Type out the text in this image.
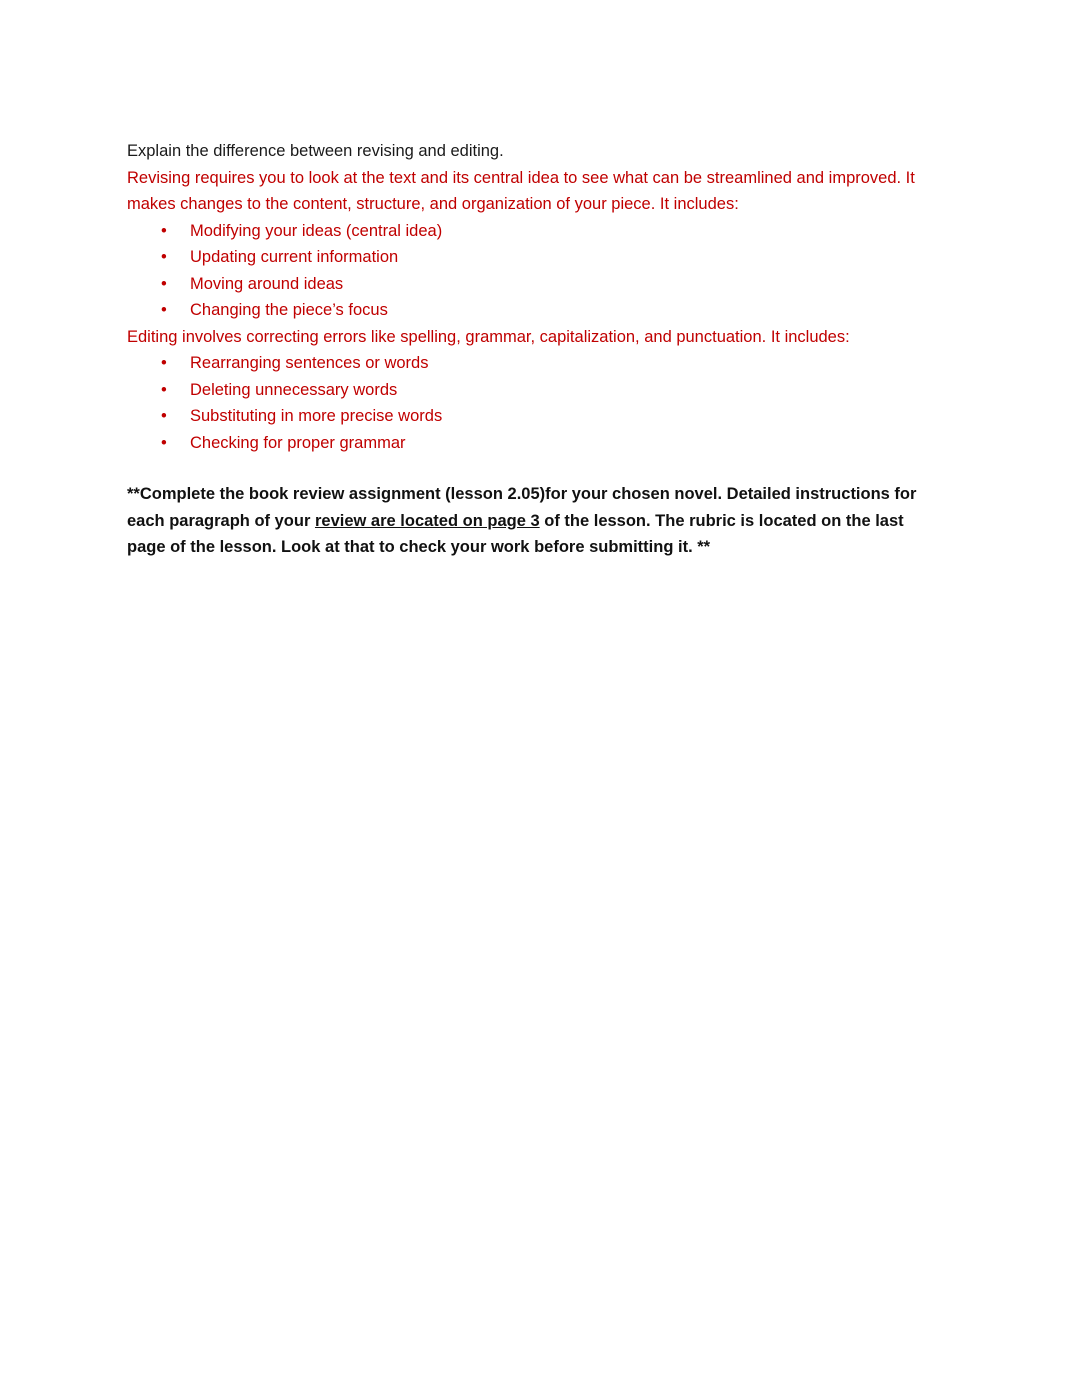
Explain the difference between revising and editing.

Revising requires you to look at the text and its central idea to see what can be streamlined and improved. It makes changes to the content, structure, and organization of your piece. It includes:

• Modifying your ideas (central idea)
• Updating current information
• Moving around ideas
• Changing the piece’s focus

Editing involves correcting errors like spelling, grammar, capitalization, and punctuation. It includes:

• Rearranging sentences or words
• Deleting unnecessary words
• Substituting in more precise words
• Checking for proper grammar

**Complete the book review assignment (lesson 2.05)for your chosen novel. Detailed instructions for each paragraph of your review are located on page 3 of the lesson. The rubric is located on the last page of the lesson. Look at that to check your work before submitting it. **
